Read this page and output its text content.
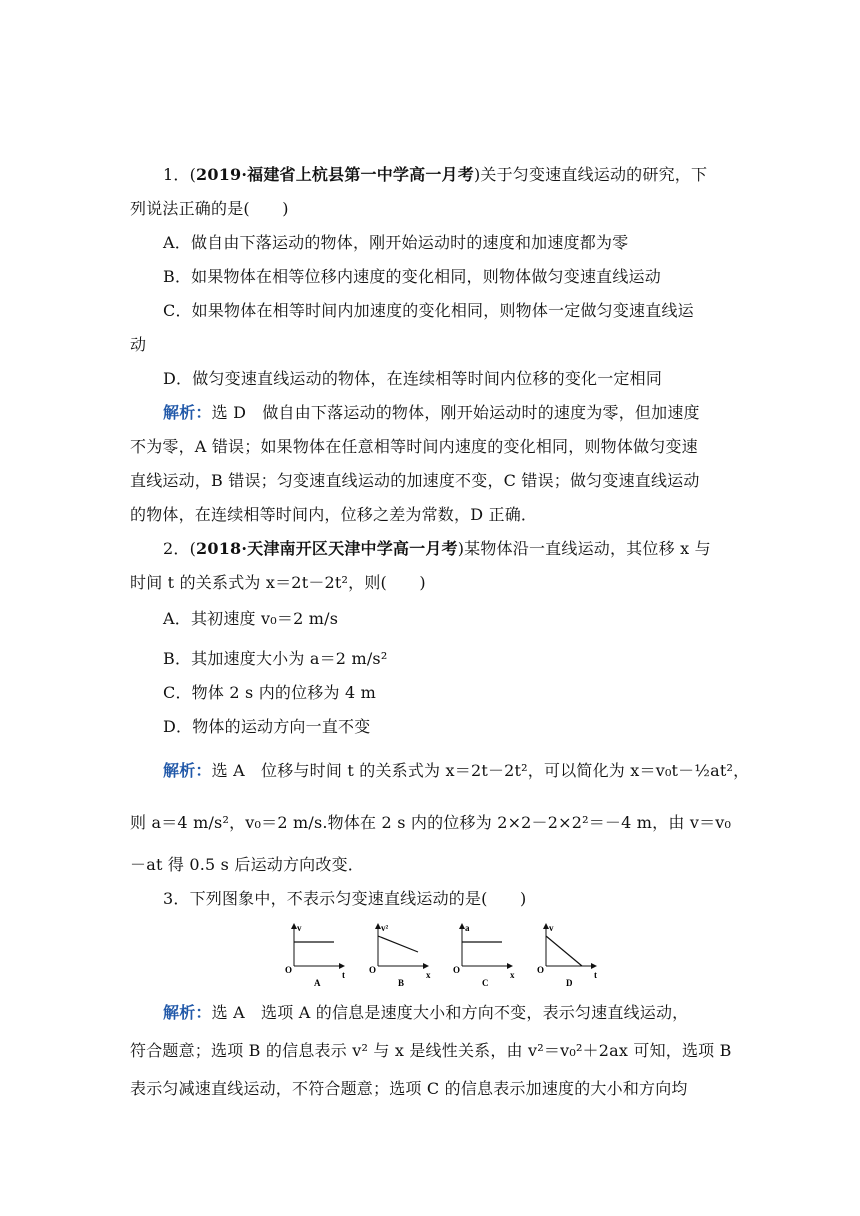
1．(2019·福建省上杭县第一中学高一月考)关于匀变速直线运动的研究，下
列说法正确的是(　　)
A．做自由下落运动的物体，刚开始运动时的速度和加速度都为零
B．如果物体在相等位移内速度的变化相同，则物体做匀变速直线运动
C．如果物体在相等时间内加速度的变化相同，则物体一定做匀变速直线运
动
D．做匀变速直线运动的物体，在连续相等时间内位移的变化一定相同
解析：选 D　做自由下落运动的物体，刚开始运动时的速度为零，但加速度
不为零，A 错误；如果物体在任意相等时间内速度的变化相同，则物体做匀变速
直线运动，B 错误；匀变速直线运动的加速度不变，C 错误；做匀变速直线运动
的物体，在连续相等时间内，位移之差为常数，D 正确．
2．(2018·天津南开区天津中学高一月考)某物体沿一直线运动，其位移 x 与
时间 t 的关系式为 x＝2t－2t²，则(　　)
A．其初速度 v₀＝2 m/s
B．其加速度大小为 a＝2 m/s²
C．物体 2 s 内的位移为 4 m
D．物体的运动方向一直不变
解析：选 A　位移与时间 t 的关系式为 x＝2t－2t²，可以简化为 x＝v₀t－½at²，
则 a＝4 m/s²，v₀＝2 m/s.物体在 2 s 内的位移为 2×2－2×2²＝－4 m，由 v＝v₀
－at 得 0.5 s 后运动方向改变．
3．下列图象中，不表示匀变速直线运动的是(　　)
v
t
O
A
v²
x
O
B
a
x
O
C
v
t
O
D
解析：选 A　选项 A 的信息是速度大小和方向不变，表示匀速直线运动，
符合题意；选项 B 的信息表示 v² 与 x 是线性关系，由 v²＝v₀²＋2ax 可知，选项 B
表示匀减速直线运动，不符合题意；选项 C 的信息表示加速度的大小和方向均
